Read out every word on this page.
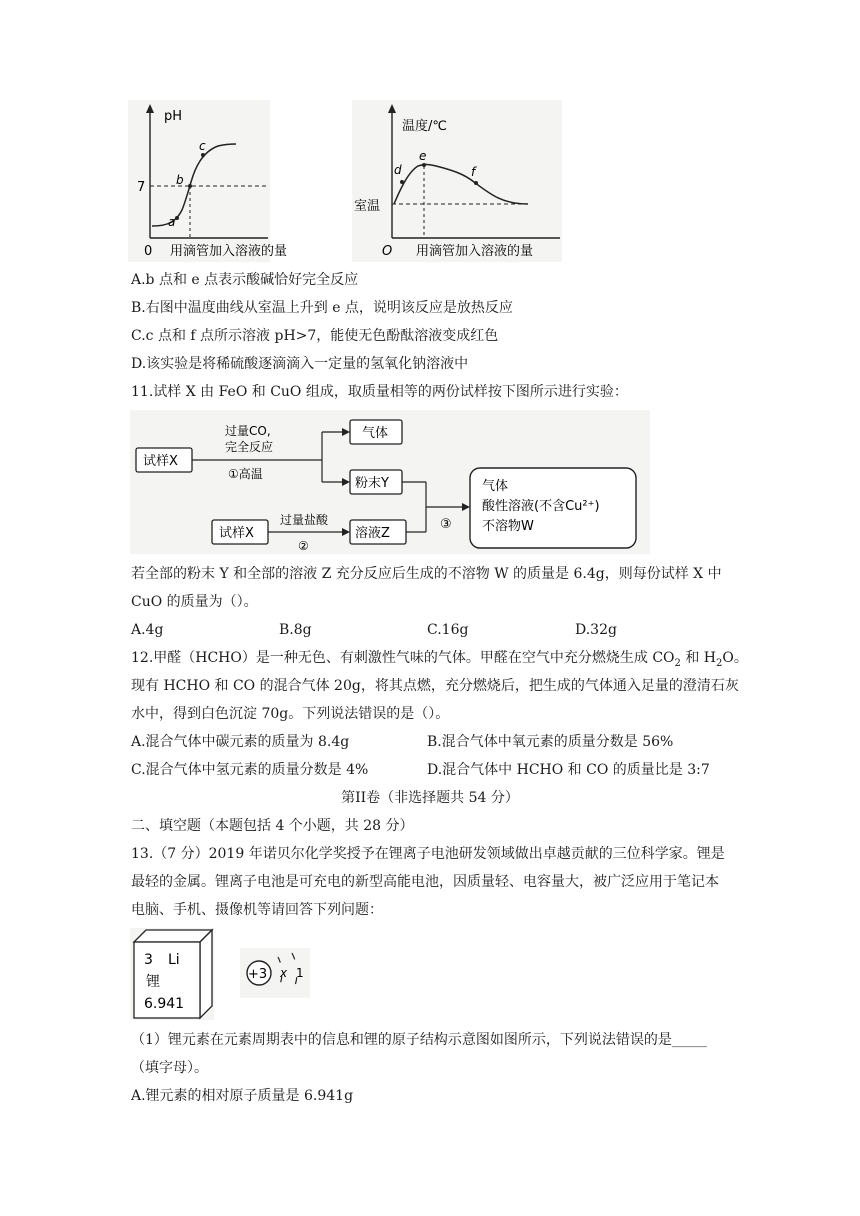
pH
7
a
b
c
0 用滴管加入溶液的量
温度/℃
室温
d
e
f
O 用滴管加入溶液的量
A.b 点和 e 点表示酸碱恰好完全反应
B.右图中温度曲线从室温上升到 e 点，说明该反应是放热反应
C.c 点和 f 点所示溶液 pH>7，能使无色酚酞溶液变成红色
D.该实验是将稀硫酸逐滴滴入一定量的氢氧化钠溶液中
11.试样 X 由 FeO 和 CuO 组成，取质量相等的两份试样按下图所示进行实验：
试样X
过量CO,
完全反应
①高温
气体
粉末Y
试样X
过量盐酸
②
溶液Z
③
气体
酸性溶液(不含Cu²⁺)
不溶物W
若全部的粉末 Y 和全部的溶液 Z 充分反应后生成的不溶物 W 的质量是 6.4g，则每份试样 X 中
CuO 的质量为（）。
A.4g	B.8g	C.16g	D.32g
12.甲醛（HCHO）是一种无色、有刺激性气味的气体。甲醛在空气中充分燃烧生成 $CO_2$ 和 $H_2O$。
现有 HCHO 和 CO 的混合气体 20g，将其点燃，充分燃烧后，把生成的气体通入足量的澄清石灰
水中，得到白色沉淀 70g。下列说法错误的是（）。
A.混合气体中碳元素的质量为 8.4g	B.混合气体中氧元素的质量分数是 56%
C.混合气体中氢元素的质量分数是 4%	D.混合气体中 HCHO 和 CO 的质量比是 3:7
第II卷（非选择题共 54 分）
二、填空题（本题包括 4 个小题，共 28 分）
13.（7 分）2019 年诺贝尔化学奖授予在锂离子电池研发领域做出卓越贡献的三位科学家。锂是
最轻的金属。锂离子电池是可充电的新型高能电池，因质量轻、电容量大，被广泛应用于笔记本
电脑、手机、摄像机等请回答下列问题：
3 Li
锂
6.941
+3 x 1
（1）锂元素在元素周期表中的信息和锂的原子结构示意图如图所示，下列说法错误的是_____
（填字母）。
A.锂元素的相对原子质量是 6.941g
